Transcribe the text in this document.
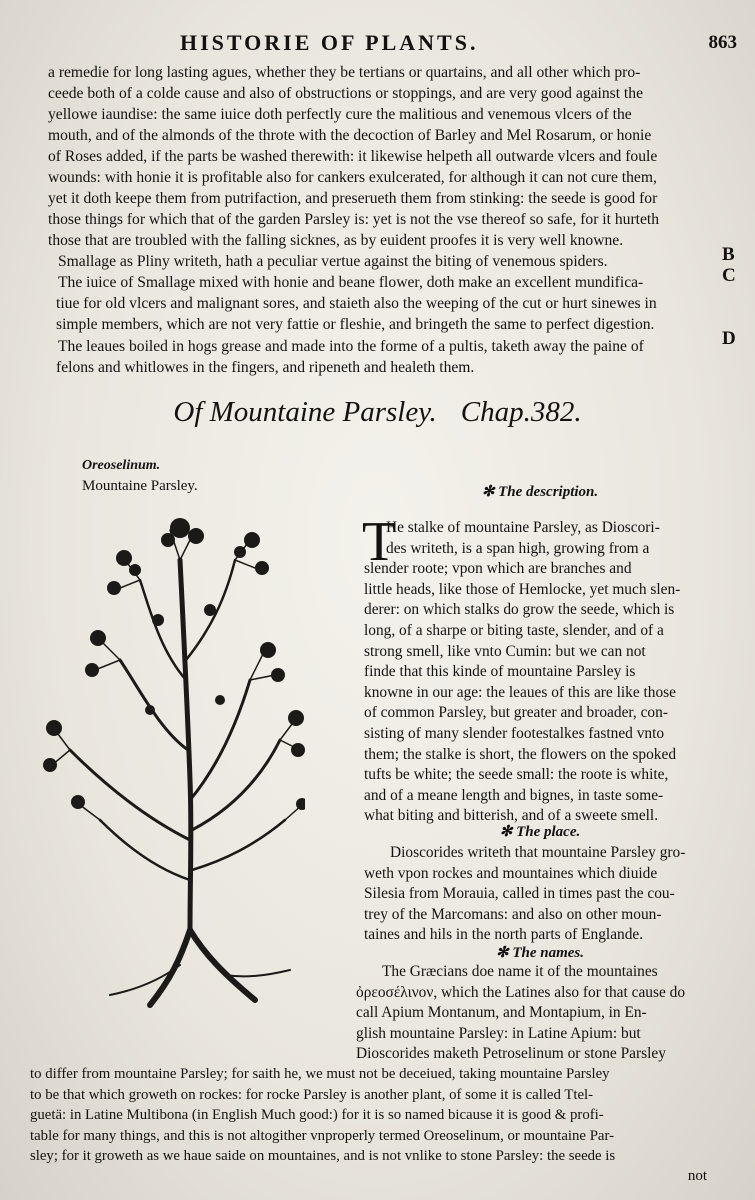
HISTORIE OF PLANTS.	863
a remedie for long lasting agues, whether they be tertians or quartains, and all other which pro-
ceede both of a colde cause and also of obstructions or stoppings, and are very good against the
yellowe iaundise: the same iuice doth perfectly cure the malitious and venemous vlcers of the
mouth, and of the almonds of the throte with the decoction of Barley and Mel Rosarum, or honie
of Roses added, if the parts be washed therewith: it likewise helpeth all outwarde vlcers and foule
wounds: with honie it is profitable also for cankers exulcerated, for although it can not cure them,
yet it doth keepe them from putrifaction, and preserueth them from stinking: the seede is good for
those things for which that of the garden Parsley is: yet is not the vse thereof so safe, for it hurteth
those that are troubled with the falling sicknes, as by euident proofes it is very well knowne.
Smallage as Pliny writeth, hath a peculiar vertue against the biting of venemous spiders.	B
The iuice of Smallage mixed with honie and beane flower, doth make an excellent mundifica-
tiue for old vlcers and malignant sores, and staieth also the weeping of the cut or hurt sinewes in
simple members, which are not very fattie or fleshie, and bringeth the same to perfect digestion.
C
The leaues boiled in hogs grease and made into the forme of a pultis, taketh away the paine of
felons and whitlowes in the fingers, and ripeneth and healeth them.
D
Of Mountaine Parsley. Chap.382.
Oreoselinum.
Mountaine Parsley.	✻ The description.
T
He stalke of mountaine Parsley, as Dioscori-
des writeth, is a span high, growing from a
slender roote; vpon which are branches and
little heads, like those of Hemlocke, yet much slen-
derer: on which stalks do grow the seede, which is
long, of a sharpe or biting taste, slender, and of a
strong smell, like vnto Cumin: but we can not
finde that this kinde of mountaine Parsley is
knowne in our age: the leaues of this are like those
of common Parsley, but greater and broader, con-
sisting of many slender footestalkes fastned vnto
them; the stalke is short, the flowers on the spoked
tufts be white; the seede small: the roote is white,
and of a meane length and bignes, in taste some-
what biting and bitterish, and of a sweete smell.
✻ The place.
Dioscorides writeth that mountaine Parsley gro-
weth vpon rockes and mountaines which diuide
Silesia from Morauia, called in times past the cou-
trey of the Marcomans: and also on other moun-
taines and hils in the north parts of Englande.
✻ The names.
The Græcians doe name it of the mountaines
ὀρεοσέλινον, which the Latines also for that cause do
call Apium Montanum, and Montapium, in En-
glish mountaine Parsley: in Latine Apium: but
Dioscorides maketh Petroselinum or stone Parsley
to differ from mountaine Parsley; for saith he, we must not be deceiued, taking mountaine Parsley
to be that which groweth on rockes: for rocke Parsley is another plant, of some it is called Ttel-
guetä: in Latine Multibona (in English Much good:) for it is so named bicause it is good & profi-
table for many things, and this is not altogither vnproperly termed Oreoselinum, or mountaine Par-
sley; for it groweth as we haue saide on mountaines, and is not vnlike to stone Parsley: the seede is
not
